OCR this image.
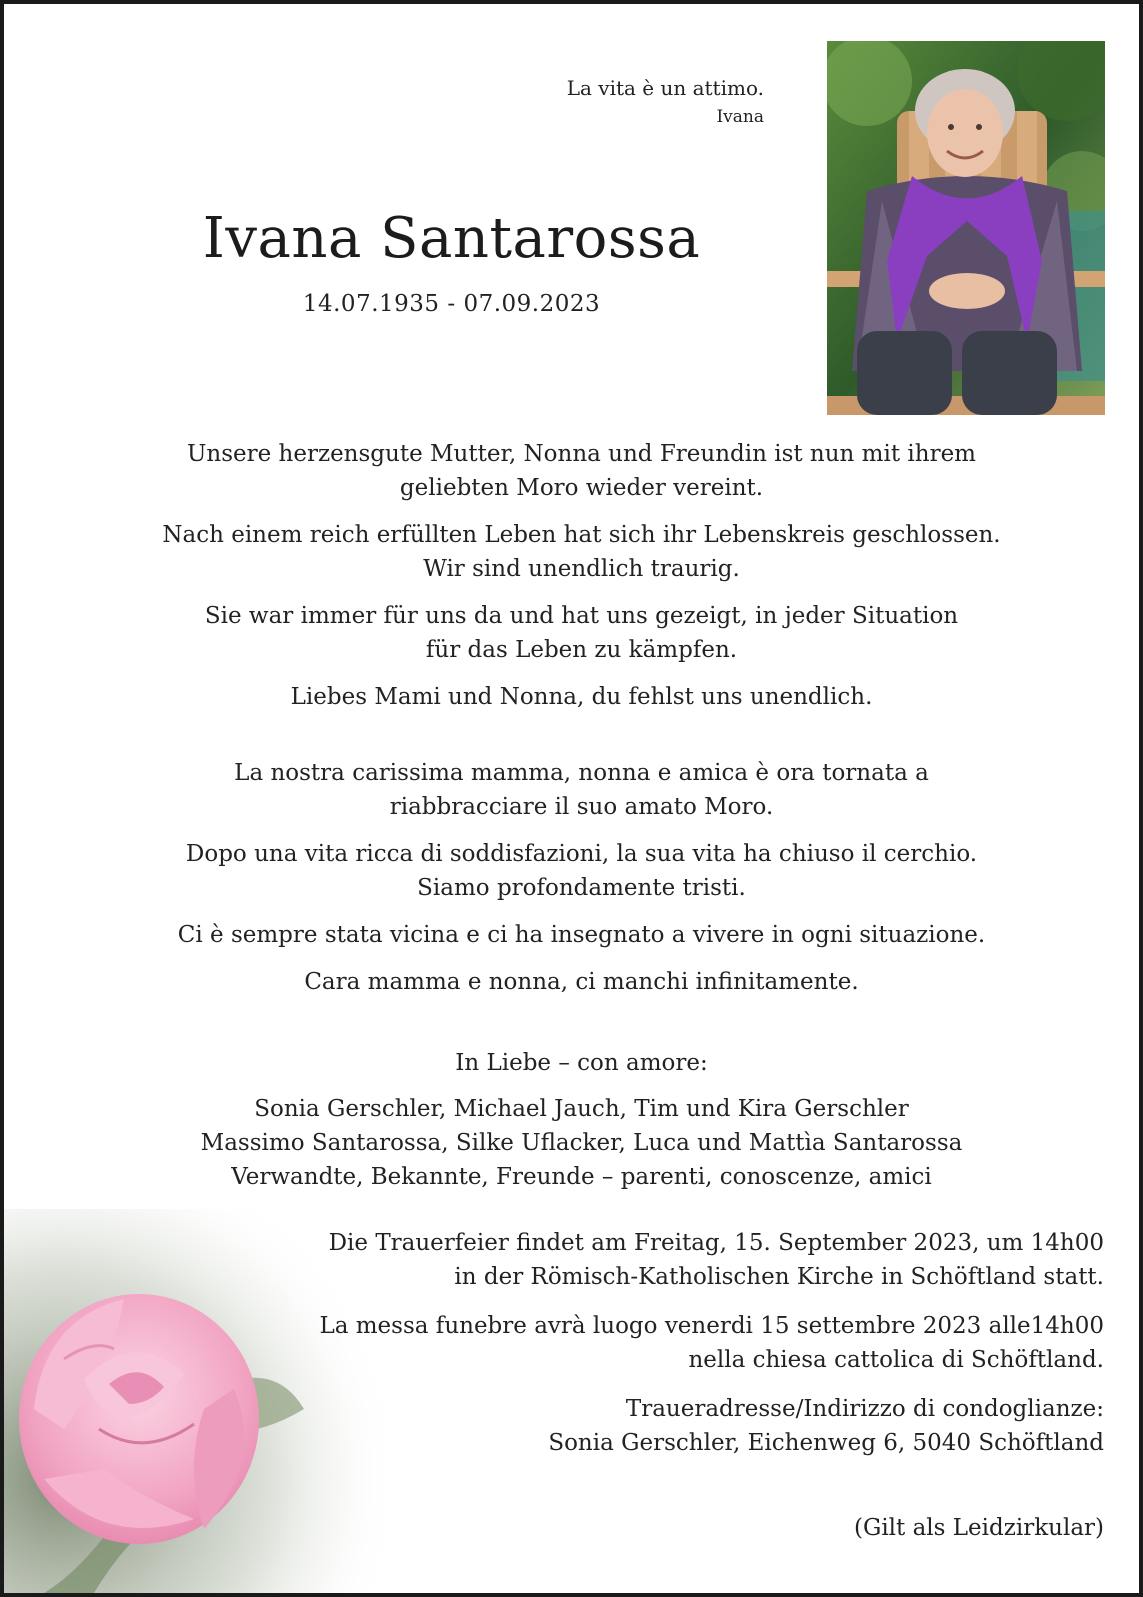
La vita è un attimo.
Ivana
Ivana Santarossa
14.07.1935 - 07.09.2023

Unsere herzensgute Mutter, Nonna und Freundin ist nun mit ihrem
geliebten Moro wieder vereint.

Nach einem reich erfüllten Leben hat sich ihr Lebenskreis geschlossen.
Wir sind unendlich traurig.

Sie war immer für uns da und hat uns gezeigt, in jeder Situation
für das Leben zu kämpfen.

Liebes Mami und Nonna, du fehlst uns unendlich.

La nostra carissima mamma, nonna e amica è ora tornata a
riabbracciare il suo amato Moro.

Dopo una vita ricca di soddisfazioni, la sua vita ha chiuso il cerchio.
Siamo profondamente tristi.

Ci è sempre stata vicina e ci ha insegnato a vivere in ogni situazione.

Cara mamma e nonna, ci manchi infinitamente.

In Liebe – con amore:

Sonia Gerschler, Michael Jauch, Tim und Kira Gerschler

Massimo Santarossa, Silke Uflacker, Luca und Mattìa Santarossa

Verwandte, Bekannte, Freunde – parenti, conoscenze, amici

Die Trauerfeier findet am Freitag, 15. September 2023, um 14h00
in der Römisch-Katholischen Kirche in Schöftland statt.

La messa funebre avrà luogo venerdi 15 settembre 2023 alle14h00
nella chiesa cattolica di Schöftland.

Traueradresse/Indirizzo di condoglianze:
Sonia Gerschler, Eichenweg 6, 5040 Schöftland

(Gilt als Leidzirkular)
